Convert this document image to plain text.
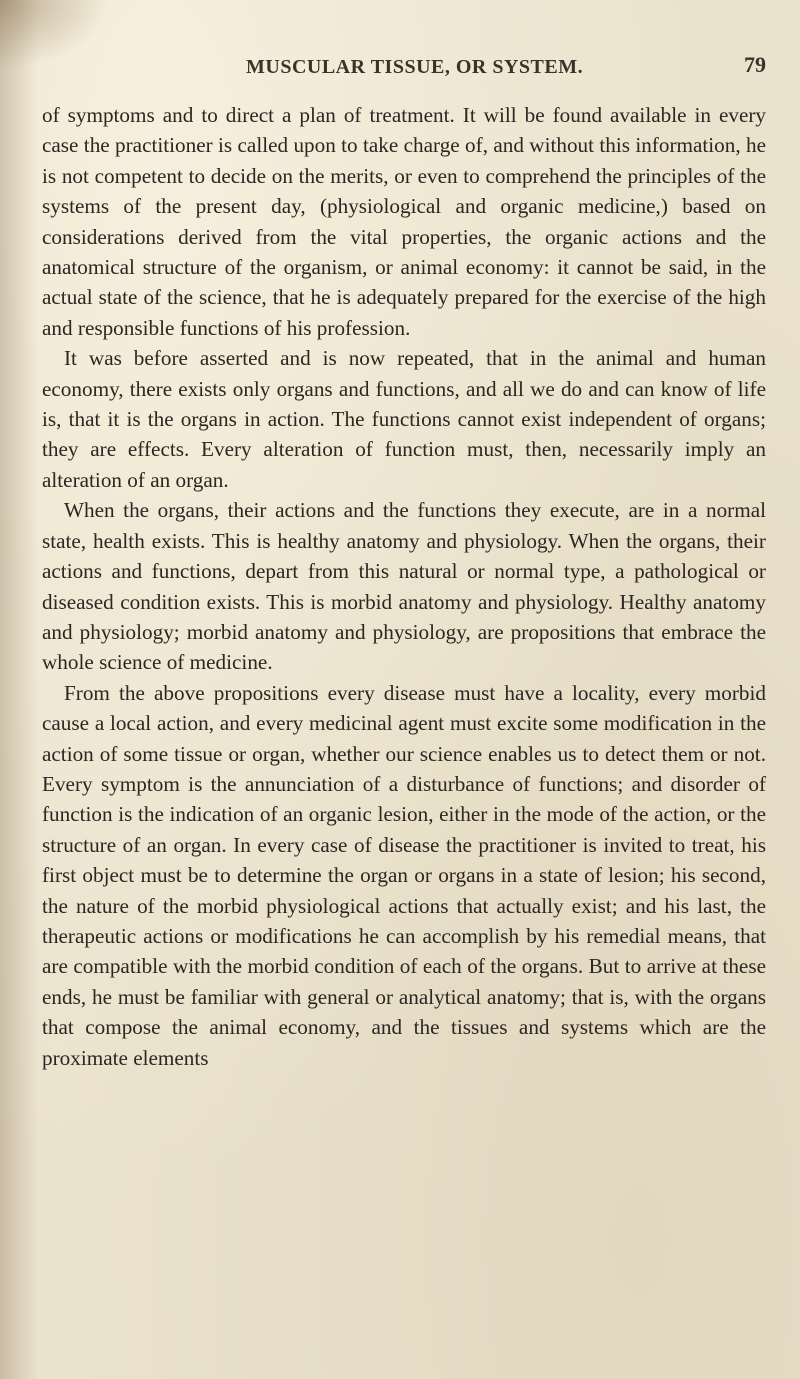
MUSCULAR TISSUE, OR SYSTEM.	79

of symptoms and to direct a plan of treatment. It will be found available in every case the practitioner is called upon to take charge of, and without this information, he is not competent to decide on the merits, or even to comprehend the principles of the systems of the present day, (physiological and organic medicine,) based on considerations derived from the vital properties, the organic actions and the anatomical structure of the organism, or animal economy: it cannot be said, in the actual state of the science, that he is adequately prepared for the exercise of the high and responsible functions of his profession.

It was before asserted and is now repeated, that in the animal and human economy, there exists only organs and functions, and all we do and can know of life is, that it is the organs in action. The functions cannot exist independent of organs; they are effects. Every alteration of function must, then, necessarily imply an alteration of an organ.

When the organs, their actions and the functions they execute, are in a normal state, health exists. This is healthy anatomy and physiology. When the organs, their actions and functions, depart from this natural or normal type, a pathological or diseased condition exists. This is morbid anatomy and physiology. Healthy anatomy and physiology; morbid anatomy and physiology, are propositions that embrace the whole science of medicine.

From the above propositions every disease must have a locality, every morbid cause a local action, and every medicinal agent must excite some modification in the action of some tissue or organ, whether our science enables us to detect them or not. Every symptom is the annunciation of a disturbance of functions; and disorder of function is the indication of an organic lesion, either in the mode of the action, or the structure of an organ. In every case of disease the practitioner is invited to treat, his first object must be to determine the organ or organs in a state of lesion; his second, the nature of the morbid physiological actions that actually exist; and his last, the therapeutic actions or modifications he can accomplish by his remedial means, that are compatible with the morbid condition of each of the organs. But to arrive at these ends, he must be familiar with general or analytical anatomy; that is, with the organs that compose the animal economy, and the tissues and systems which are the proximate elements
